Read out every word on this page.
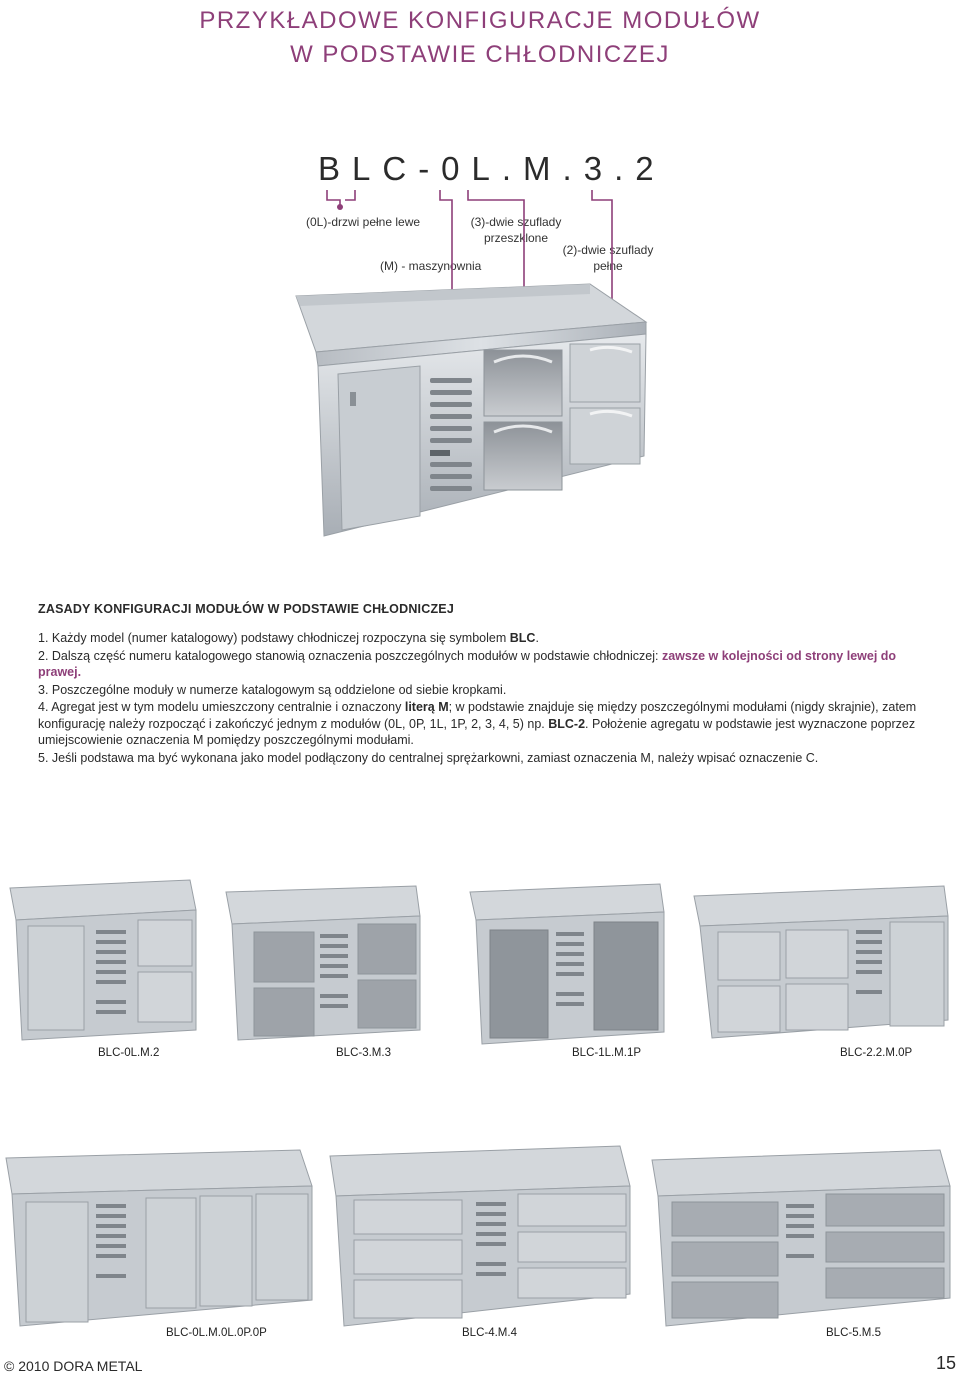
PRZYKŁADOWE KONFIGURACJE MODUŁÓW
W PODSTAWIE CHŁODNICZEJ
BLC-0L.M.3.2
(0L)-drzwi pełne lewe
(M) - maszynownia
(3)-dwie szuflady
przeszklone
(2)-dwie szuflady
pełne
ZASADY KONFIGURACJI MODUŁÓW W PODSTAWIE CHŁODNICZEJ
1. Każdy model (numer katalogowy) podstawy chłodniczej rozpoczyna się symbolem BLC.
2. Dalszą część numeru katalogowego stanowią oznaczenia poszczególnych modułów w podstawie chłodniczej: zawsze w kolejności od strony lewej do prawej.
3. Poszczególne moduły w numerze katalogowym są oddzielone od siebie kropkami.
4. Agregat jest w tym modelu umieszczony centralnie i oznaczony literą M; w podstawie znajduje się między poszczególnymi modułami (nigdy skrajnie), zatem konfigurację należy rozpocząć i zakończyć jednym z modułów (0L, 0P, 1L, 1P, 2, 3, 4, 5) np. BLC-2. Położenie agregatu w podstawie jest wyznaczone poprzez umiejscowienie oznaczenia M pomiędzy poszczególnymi modułami.
5. Jeśli podstawa ma być wykonana jako model podłączony do centralnej sprężarkowni, zamiast oznaczenia M, należy wpisać oznaczenie C.
BLC-0L.M.2	BLC-3.M.3	BLC-1L.M.1P	BLC-2.2.M.0P
BLC-0L.M.0L.0P.0P	BLC-4.M.4	BLC-5.M.5
© 2010 DORA METAL	15
